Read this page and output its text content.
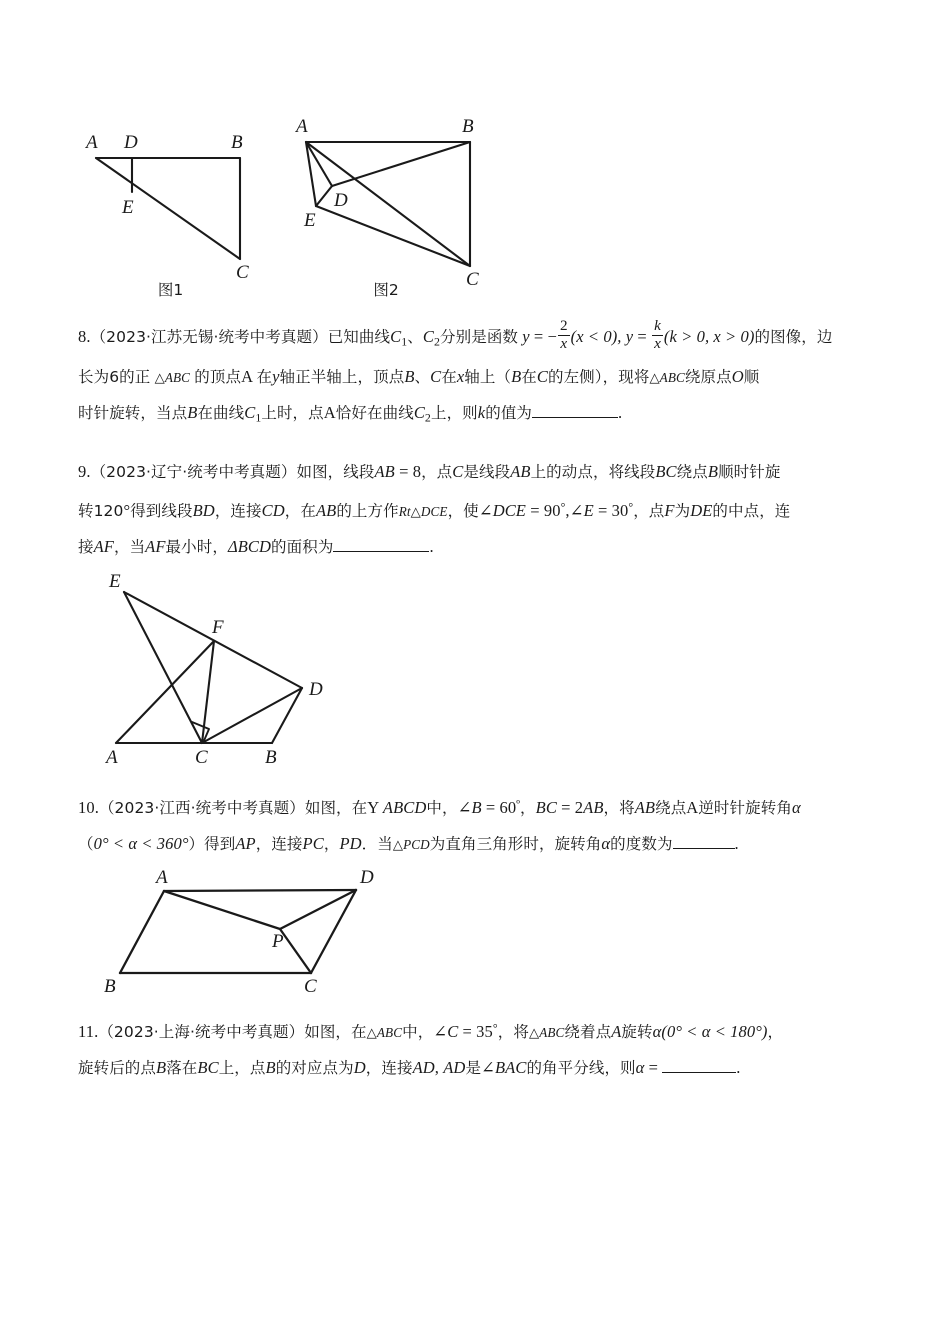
A D	B
E
C
图1
A	B
D
E
C
图2

8.（2023·江苏无锡·统考中考真题）已知曲线$C_1$、$C_2$分别是函数 y = − $\frac{2}{x} (x < 0)$, $y = \frac{k}{x} (k > 0$, x > 0)的图像，边

长为6的正 △ABC 的顶点A 在y轴正半轴上，顶点B、C在x轴上（B在C的左侧），现将△ABC绕原点O顺

时针旋转，当点B在曲线$C_1$上时，点A恰好在曲线$C_2$上，则k的值为	.

9.（2023·辽宁·统考中考真题）如图，线段AB = 8，点C是线段AB上的动点，将线段BC绕点B顺时针旋

转120°得到线段BD，连接CD，在AB的上方作Rt△DCE，使∠DCE = 90°,∠E = 30°，点F为DE的中点，连

接AF，当AF最小时，ΔBCD的面积为	.

E
F
D
A	C	B

10.（2023·江西·统考中考真题）如图，在Y ABCD中，∠B = $60^º$，BC = 2AB，将AB绕点A逆时针旋转角α

（0° < α < 360°）得到AP，连接PC，PD．当△PCD为直角三角形时，旋转角α的度数为	.

A	D
B	C
P

11.（2023·上海·统考中考真题）如图，在△ABC中，∠C = 35°，将△ABC绕着点A旋转α(0° < α < 180°)，

旋转后的点B落在BC上，点B的对应点为D，连接AD, AD是∠BAC的角平分线，则α =	.
